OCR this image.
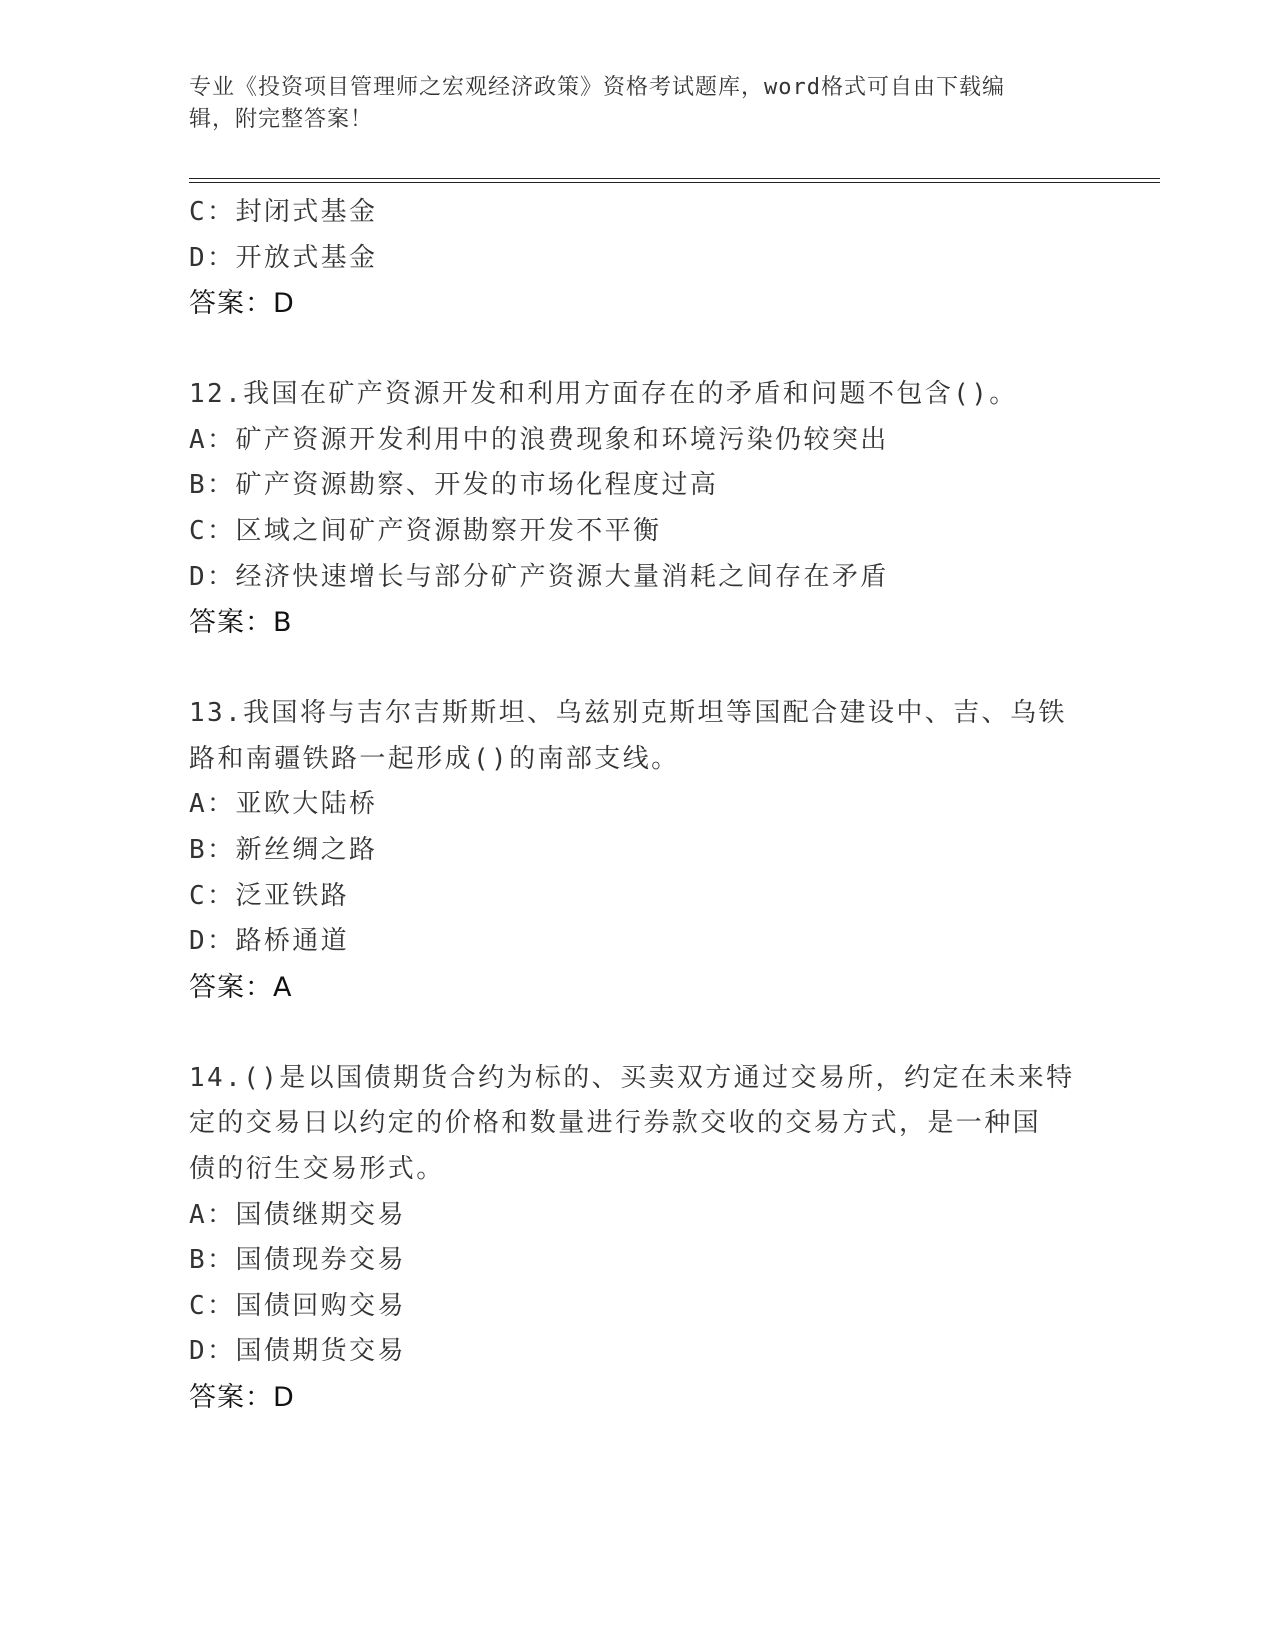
专业《投资项目管理师之宏观经济政策》资格考试题库，word格式可自由下载编
辑，附完整答案！
C：封闭式基金
D：开放式基金
答案：D
12.我国在矿产资源开发和利用方面存在的矛盾和问题不包含()。
A：矿产资源开发利用中的浪费现象和环境污染仍较突出
B：矿产资源勘察、开发的市场化程度过高
C：区域之间矿产资源勘察开发不平衡
D：经济快速增长与部分矿产资源大量消耗之间存在矛盾
答案：B
13.我国将与吉尔吉斯斯坦、乌兹别克斯坦等国配合建设中、吉、乌铁
路和南疆铁路一起形成()的南部支线。
A：亚欧大陆桥
B：新丝绸之路
C：泛亚铁路
D：路桥通道
答案：A
14.()是以国债期货合约为标的、买卖双方通过交易所，约定在未来特
定的交易日以约定的价格和数量进行券款交收的交易方式，是一种国
债的衍生交易形式。
A：国债继期交易
B：国债现券交易
C：国债回购交易
D：国债期货交易
答案：D
